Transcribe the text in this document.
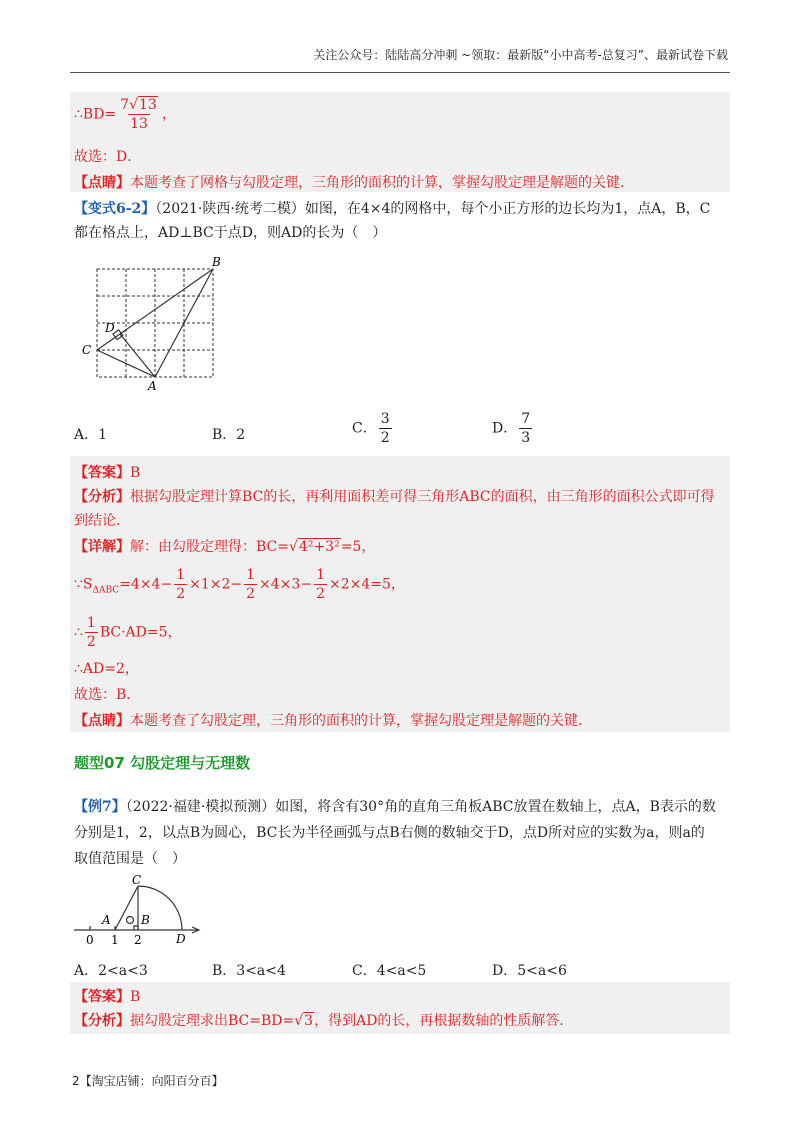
关注公众号：陆陆高分冲刺 ~领取：最新版“小中高考-总复习”、最新试卷下载
∴BD= $\frac{7√13}{13}$ ，
故选：D．
【点睛】本题考查了网格与勾股定理，三角形的面积的计算，掌握勾股定理是解题的关键．
【变式6-2】（2021·陕西·统考二模）如图，在4×4的网格中，每个小正方形的边长均为1，点A，B，C
都在格点上，AD⊥BC于点D，则AD的长为（　）
B
D
C
A
A．1	B．2	C． $\frac{3}{2}$	D． $\frac{7}{3}$
【答案】B
【分析】根据勾股定理计算BC的长，再利用面积差可得三角形ABC的面积，由三角形的面积公式即可得
到结论．
【详解】解：由勾股定理得：BC=√4²+3²=5，
$\because S_{\Delta ABC}=4\times 4- \frac{1}{2} \times 1\times 2- \frac{1}{2} \times 4\times 3- \frac{1}{2} \times 2\times 4=5$，
∴ $\frac{1}{2} BC\cdot AD=5$，
∴AD=2，
故选：B．
【点睛】本题考查了勾股定理，三角形的面积的计算，掌握勾股定理是解题的关键．
题型07 勾股定理与无理数
【例7】（2022·福建·模拟预测）如图，将含有30°角的直角三角板ABC放置在数轴上，点A，B表示的数
分别是1，2，以点B为圆心，BC长为半径画弧与点B右侧的数轴交于D，点D所对应的实数为a，则a的
取值范围是（　）
C
A	B
D
0 1 2
A．2<a<3	B．3<a<4	C．4<a<5	D．5<a<6
【答案】B
【分析】据勾股定理求出BC=BD=√3，得到AD的长，再根据数轴的性质解答．
2【淘宝店铺：向阳百分百】
